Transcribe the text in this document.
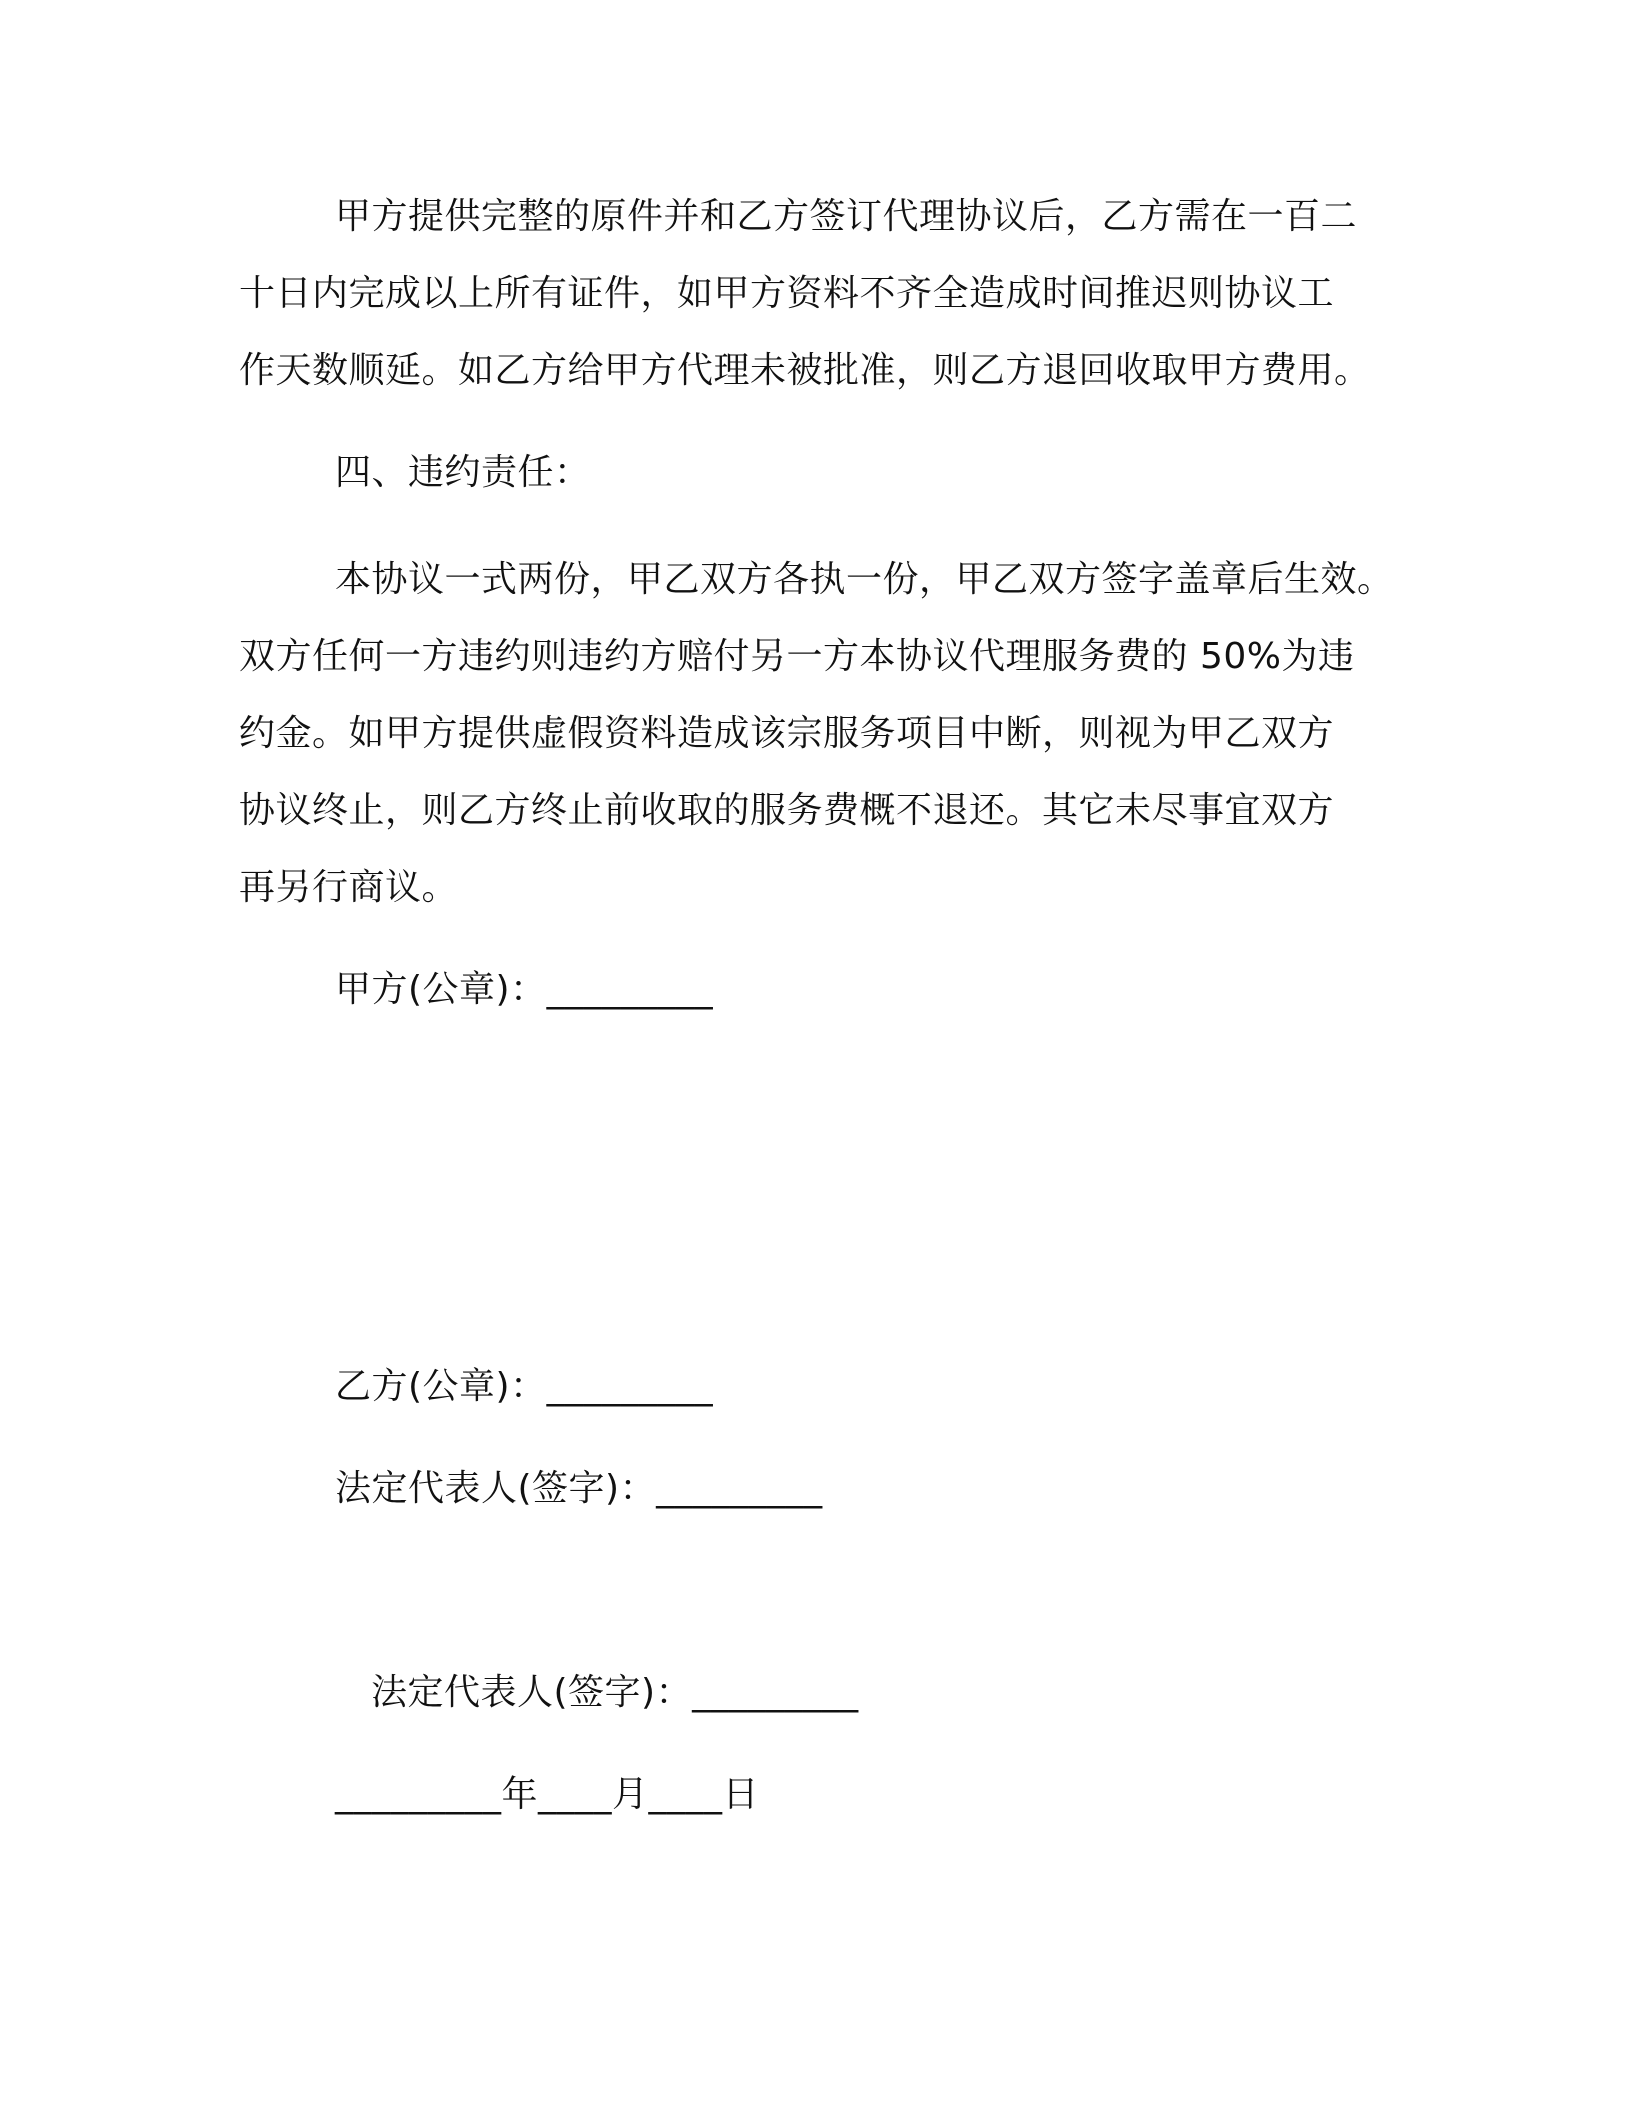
甲方提供完整的原件并和乙方签订代理协议后，乙方需在一百二
十日内完成以上所有证件，如甲方资料不齐全造成时间推迟则协议工
作天数顺延。如乙方给甲方代理未被批准，则乙方退回收取甲方费用。
四、违约责任：
本协议一式两份，甲乙双方各执一份，甲乙双方签字盖章后生效。
双方任何一方违约则违约方赔付另一方本协议代理服务费的 50%为违
约金。如甲方提供虚假资料造成该宗服务项目中断，则视为甲乙双方
协议终止，则乙方终止前收取的服务费概不退还。其它未尽事宜双方
再另行商议。
甲方(公章)：_________
乙方(公章)：_________
法定代表人(签字)：_________
法定代表人(签字)：_________
_________年____月____日
